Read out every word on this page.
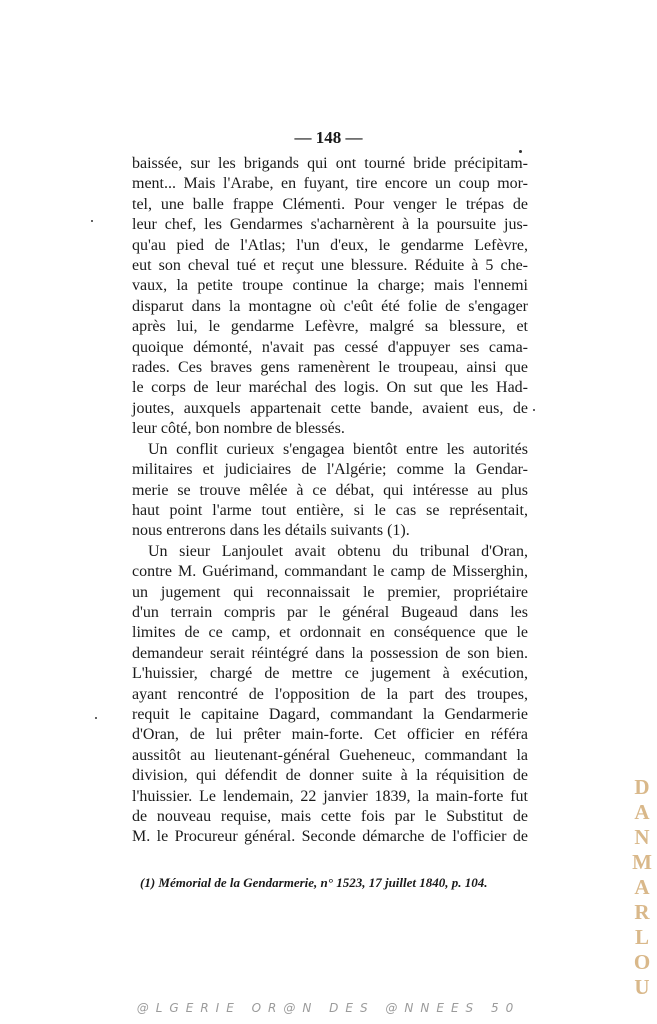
— 148 —
baissée, sur les brigands qui ont tourné bride précipitam-
ment... Mais l'Arabe, en fuyant, tire encore un coup mor-
tel, une balle frappe Clémenti. Pour venger le trépas de
leur chef, les Gendarmes s'acharnèrent à la poursuite jus-
qu'au pied de l'Atlas; l'un d'eux, le gendarme Lefèvre,
eut son cheval tué et reçut une blessure. Réduite à 5 che-
vaux, la petite troupe continue la charge; mais l'ennemi
disparut dans la montagne où c'eût été folie de s'engager
après lui, le gendarme Lefèvre, malgré sa blessure, et
quoique démonté, n'avait pas cessé d'appuyer ses cama-
rades. Ces braves gens ramenèrent le troupeau, ainsi que
le corps de leur maréchal des logis. On sut que les Had-
joutes, auxquels appartenait cette bande, avaient eus, de
leur côté, bon nombre de blessés.
Un conflit curieux s'engagea bientôt entre les autorités
militaires et judiciaires de l'Algérie; comme la Gendar-
merie se trouve mêlée à ce débat, qui intéresse au plus
haut point l'arme tout entière, si le cas se représentait,
nous entrerons dans les détails suivants (1).
Un sieur Lanjoulet avait obtenu du tribunal d'Oran,
contre M. Guérimand, commandant le camp de Misserghin,
un jugement qui reconnaissait le premier, propriétaire
d'un terrain compris par le général Bugeaud dans les
limites de ce camp, et ordonnait en conséquence que le
demandeur serait réintégré dans la possession de son bien.
L'huissier, chargé de mettre ce jugement à exécution,
ayant rencontré de l'opposition de la part des troupes,
requit le capitaine Dagard, commandant la Gendarmerie
d'Oran, de lui prêter main-forte. Cet officier en référa
aussitôt au lieutenant-général Gueheneuc, commandant la
division, qui défendit de donner suite à la réquisition de
l'huissier. Le lendemain, 22 janvier 1839, la main-forte fut
de nouveau requise, mais cette fois par le Substitut de
M. le Procureur général. Seconde démarche de l'officier de
(1) Mémorial de la Gendarmerie, n° 1523, 17 juillet 1840, p. 104.
@LGERIE OR@N DES @NNEES 50
D
A
N
M
A
R
L
O
U
